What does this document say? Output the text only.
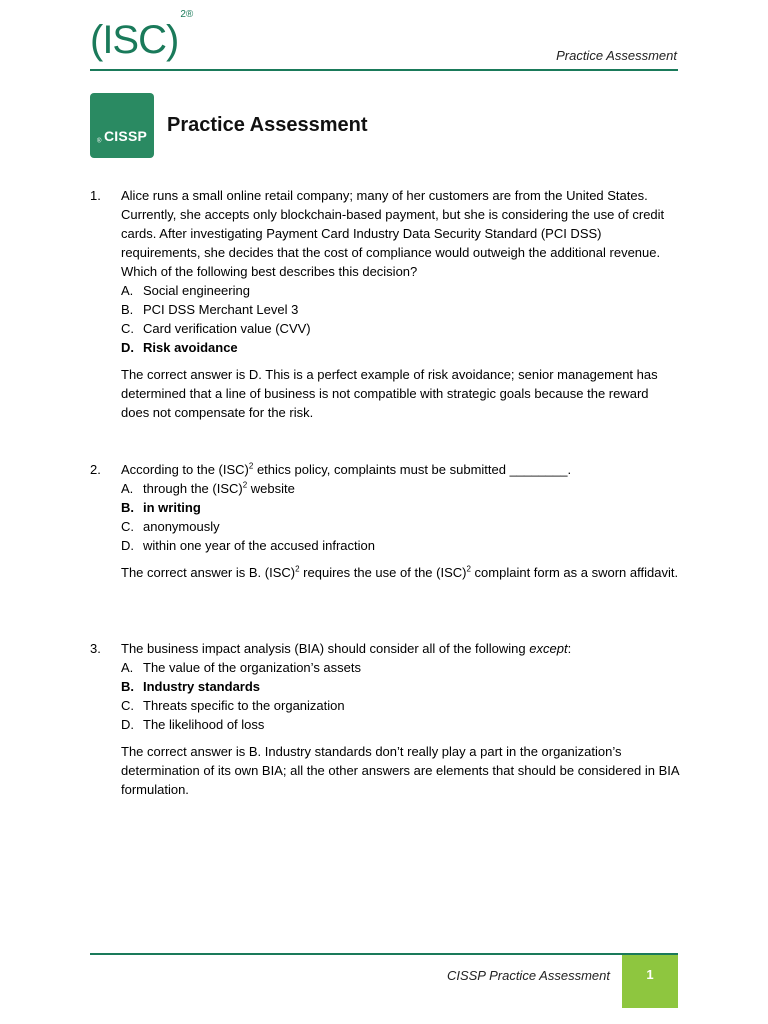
(ISC)$^{2®}$
Practice Assessment
CISSP
®
Practice Assessment
1. Alice runs a small online retail company; many of her customers are from the United States. Currently, she accepts only blockchain-based payment, but she is considering the use of credit cards. After investigating Payment Card Industry Data Security Standard (PCI DSS) requirements, she decides that the cost of compliance would outweigh the additional revenue. Which of the following best describes this decision?
A. Social engineering
B. PCI DSS Merchant Level 3
C. Card verification value (CVV)
D. Risk avoidance
The correct answer is D. This is a perfect example of risk avoidance; senior management has determined that a line of business is not compatible with strategic goals because the reward does not compensate for the risk.
2. According to the (ISC)$^2$ ethics policy, complaints must be submitted ________.
A. through the (ISC)$^2$ website
B. in writing
C. anonymously
D. within one year of the accused infraction
The correct answer is B. (ISC)$^2$ requires the use of the (ISC)$^2$ complaint form as a sworn affidavit.
3. The business impact analysis (BIA) should consider all of the following except:
A. The value of the organization’s assets
B. Industry standards
C. Threats specific to the organization
D. The likelihood of loss
The correct answer is B. Industry standards don’t really play a part in the organization’s determination of its own BIA; all the other answers are elements that should be considered in BIA formulation.
CISSP Practice Assessment	1
